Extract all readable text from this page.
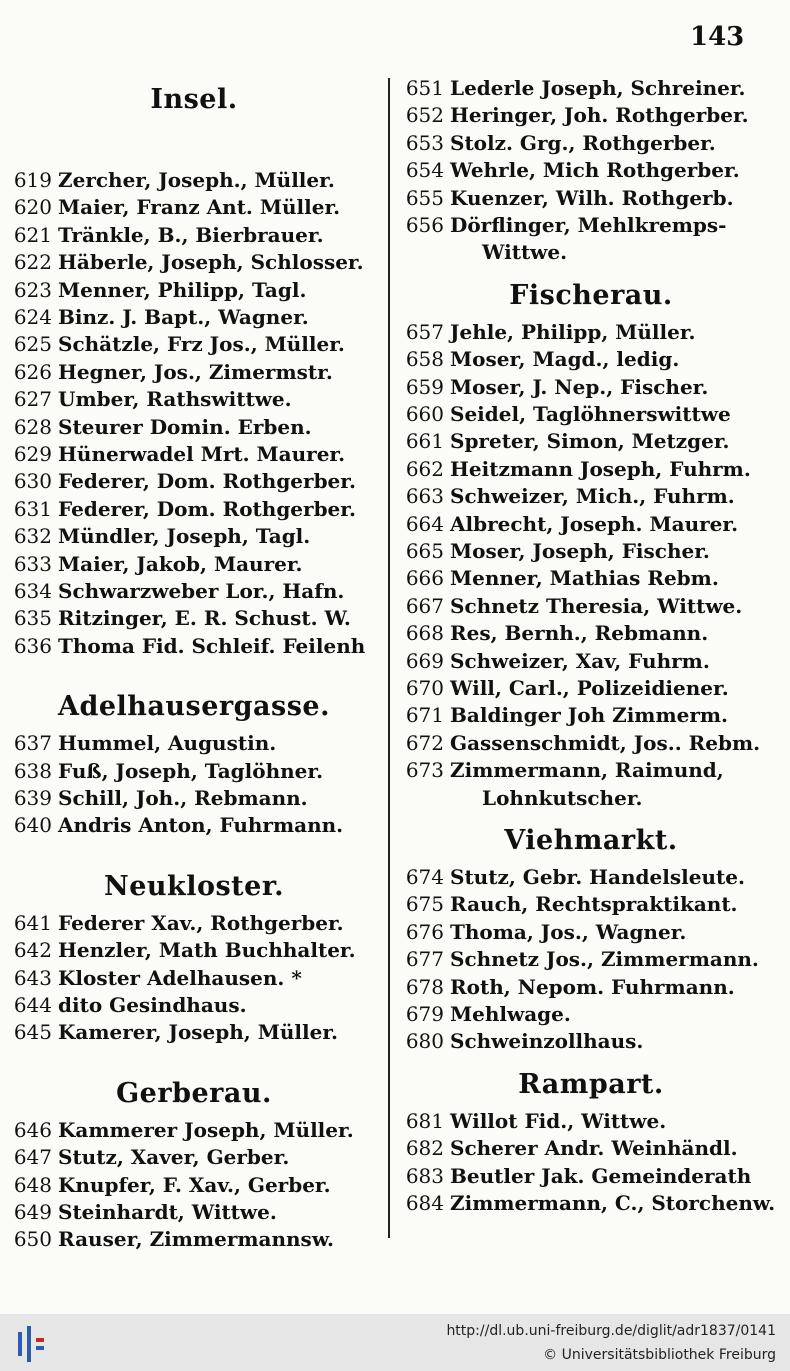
143
Insel.
619 Zercher, Joseph., Müller.
620 Maier, Franz Ant. Müller.
621 Tränkle, B., Bierbrauer.
622 Häberle, Joseph, Schlosser.
623 Menner, Philipp, Tagl.
624 Binz. J. Bapt., Wagner.
625 Schätzle, Frz Jos., Müller.
626 Hegner, Jos., Zimermstr.
627 Umber, Rathswittwe.
628 Steurer Domin. Erben.
629 Hünerwadel Mrt. Maurer.
630 Federer, Dom. Rothgerber.
631 Federer, Dom. Rothgerber.
632 Mündler, Joseph, Tagl.
633 Maier, Jakob, Maurer.
634 Schwarzweber Lor., Hafn.
635 Ritzinger, E. R. Schust. W.
636 Thoma Fid. Schleif. Feilenh
Adelhausergasse.
637 Hummel, Augustin.
638 Fuß, Joseph, Taglöhner.
639 Schill, Joh., Rebmann.
640 Andris Anton, Fuhrmann.
Neukloster.
641 Federer Xav., Rothgerber.
642 Henzler, Math Buchhalter.
643 Kloster Adelhausen. *
644 dito Gesindhaus.
645 Kamerer, Joseph, Müller.
Gerberau.
646 Kammerer Joseph, Müller.
647 Stutz, Xaver, Gerber.
648 Knupfer, F. Xav., Gerber.
649 Steinhardt, Wittwe.
650 Rauser, Zimmermannsw.
651 Lederle Joseph, Schreiner.
652 Heringer, Joh. Rothgerber.
653 Stolz. Grg., Rothgerber.
654 Wehrle, Mich Rothgerber.
655 Kuenzer, Wilh. Rothgerb.
656 Dörflinger, Mehlkremps-
Wittwe.
Fischerau.
657 Jehle, Philipp, Müller.
658 Moser, Magd., ledig.
659 Moser, J. Nep., Fischer.
660 Seidel, Taglöhnerswittwe
661 Spreter, Simon, Metzger.
662 Heitzmann Joseph, Fuhrm.
663 Schweizer, Mich., Fuhrm.
664 Albrecht, Joseph. Maurer.
665 Moser, Joseph, Fischer.
666 Menner, Mathias Rebm.
667 Schnetz Theresia, Wittwe.
668 Res, Bernh., Rebmann.
669 Schweizer, Xav, Fuhrm.
670 Will, Carl., Polizeidiener.
671 Baldinger Joh Zimmerm.
672 Gassenschmidt, Jos.. Rebm.
673 Zimmermann, Raimund,
Lohnkutscher.
Viehmarkt.
674 Stutz, Gebr. Handelsleute.
675 Rauch, Rechtspraktikant.
676 Thoma, Jos., Wagner.
677 Schnetz Jos., Zimmermann.
678 Roth, Nepom. Fuhrmann.
679 Mehlwage.
680 Schweinzollhaus.
Rampart.
681 Willot Fid., Wittwe.
682 Scherer Andr. Weinhändl.
683 Beutler Jak. Gemeinderath
684 Zimmermann, C., Storchenw.
http://dl.ub.uni-freiburg.de/diglit/adr1837/0141
© Universitätsbibliothek Freiburg
